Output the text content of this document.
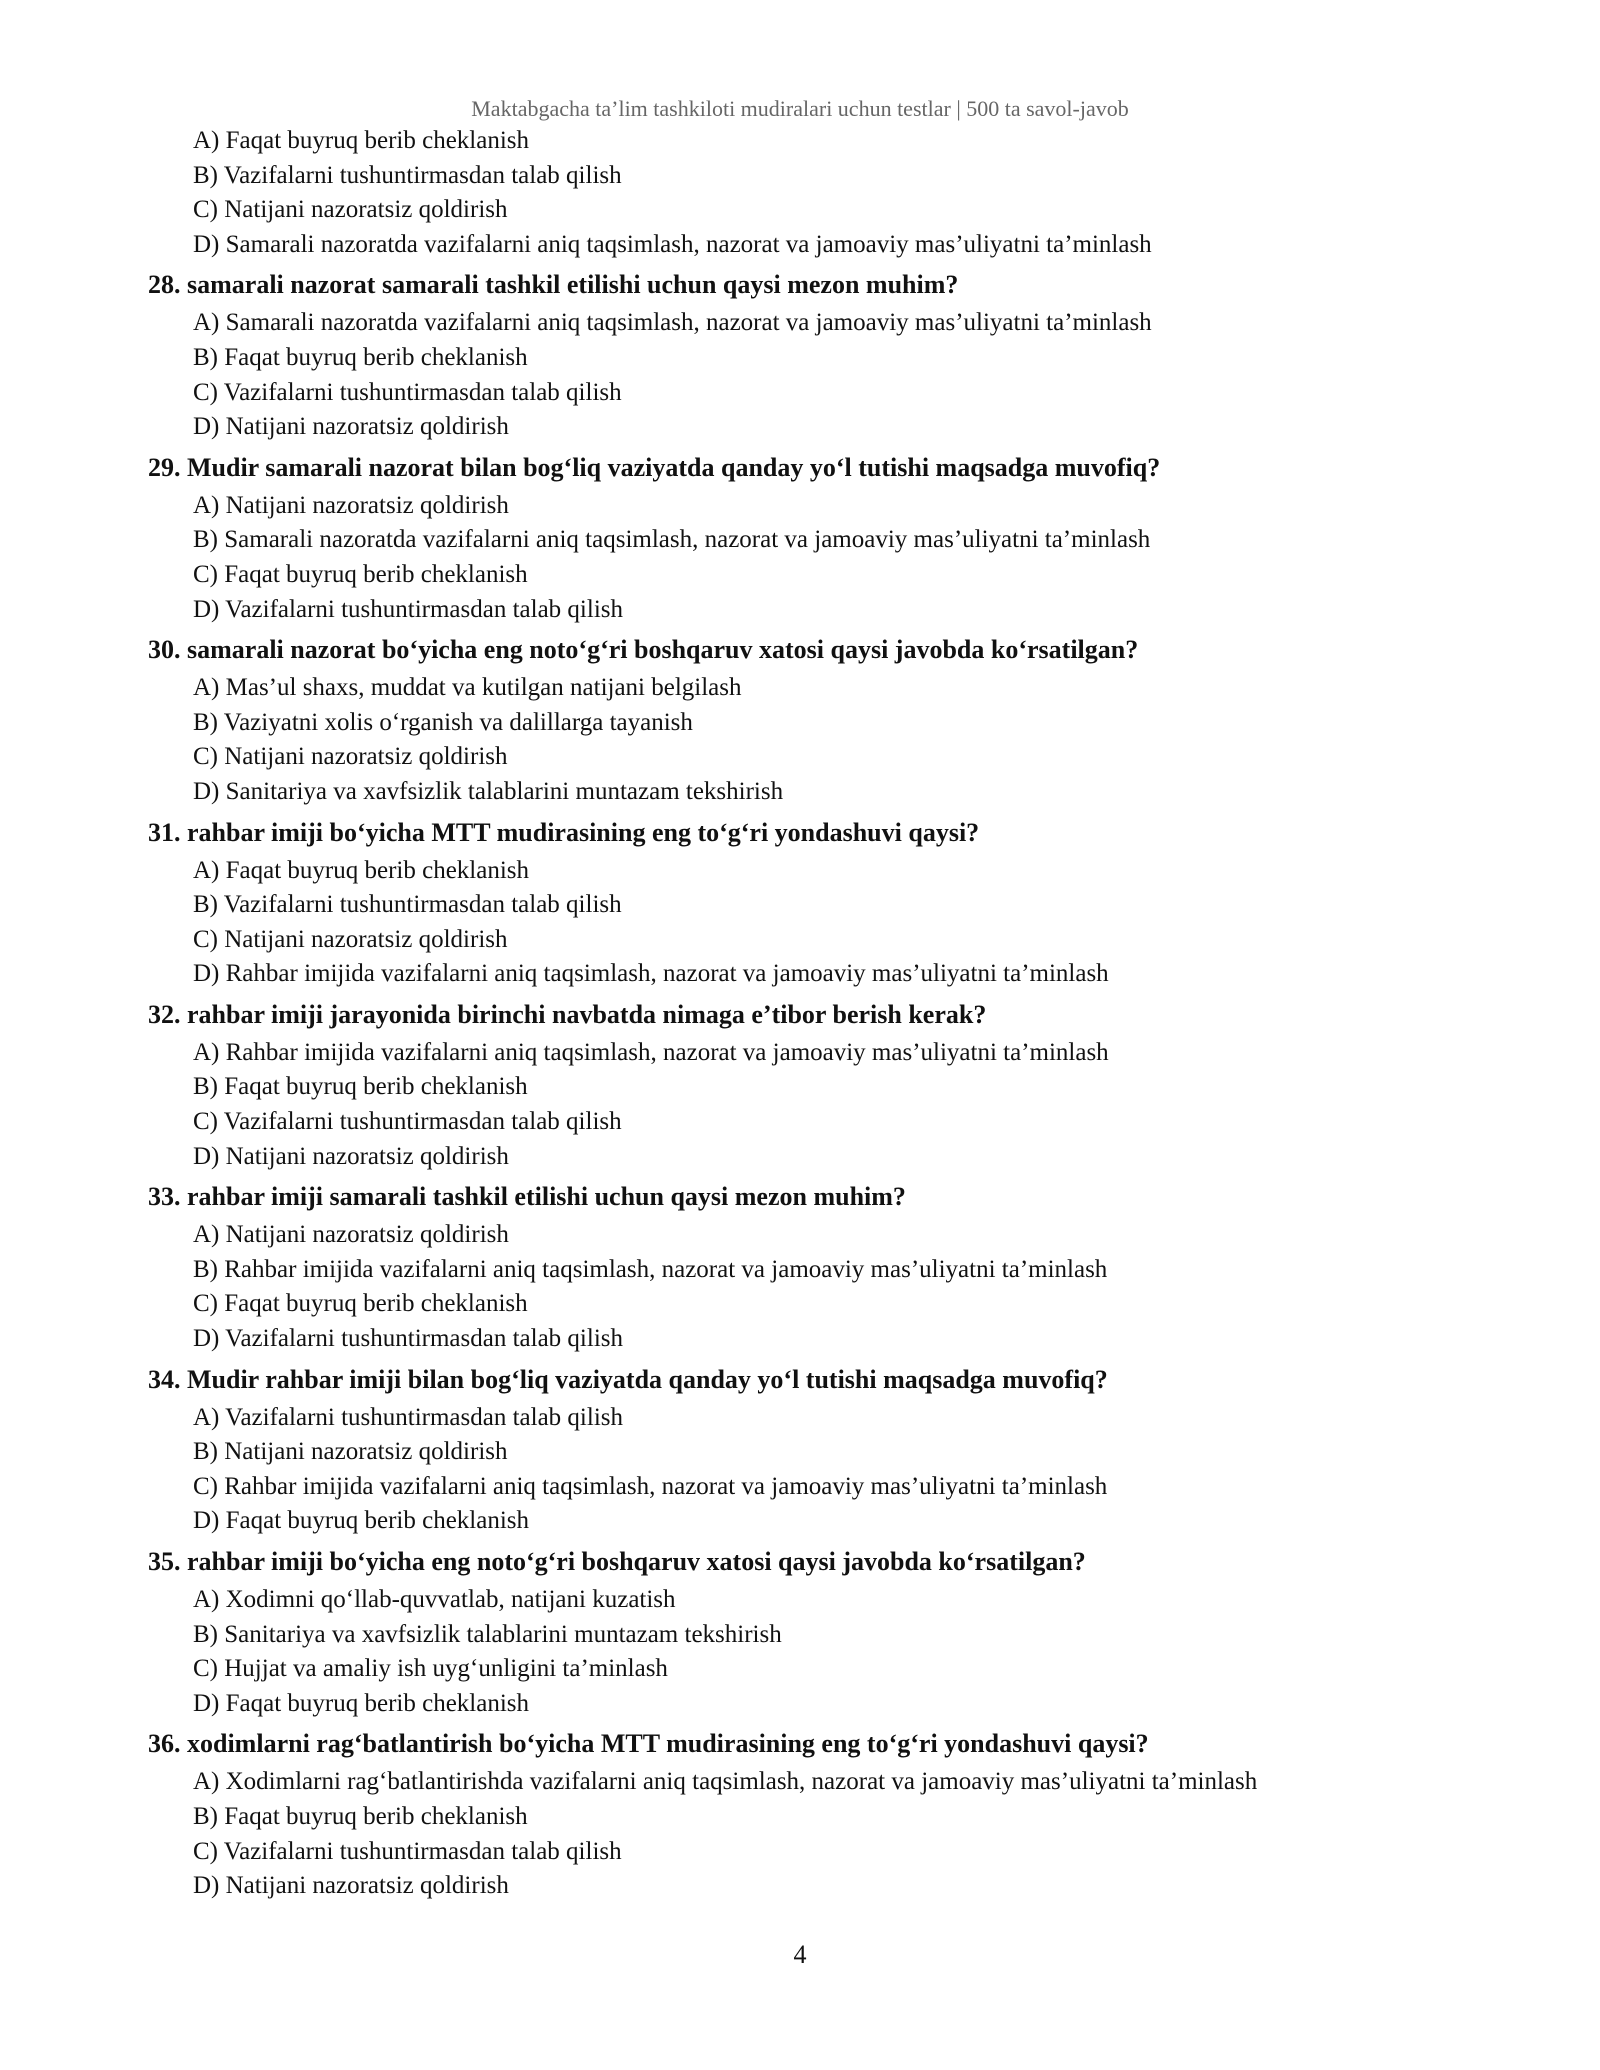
Maktabgacha ta’lim tashkiloti mudiralari uchun testlar | 500 ta savol-javob
A) Faqat buyruq berib cheklanish
B) Vazifalarni tushuntirmasdan talab qilish
C) Natijani nazoratsiz qoldirish
D) Samarali nazoratda vazifalarni aniq taqsimlash, nazorat va jamoaviy mas’uliyatni ta’minlash
28. samarali nazorat samarali tashkil etilishi uchun qaysi mezon muhim?
A) Samarali nazoratda vazifalarni aniq taqsimlash, nazorat va jamoaviy mas’uliyatni ta’minlash
B) Faqat buyruq berib cheklanish
C) Vazifalarni tushuntirmasdan talab qilish
D) Natijani nazoratsiz qoldirish
29. Mudir samarali nazorat bilan bog‘liq vaziyatda qanday yo‘l tutishi maqsadga muvofiq?
A) Natijani nazoratsiz qoldirish
B) Samarali nazoratda vazifalarni aniq taqsimlash, nazorat va jamoaviy mas’uliyatni ta’minlash
C) Faqat buyruq berib cheklanish
D) Vazifalarni tushuntirmasdan talab qilish
30. samarali nazorat bo‘yicha eng noto‘g‘ri boshqaruv xatosi qaysi javobda ko‘rsatilgan?
A) Mas’ul shaxs, muddat va kutilgan natijani belgilash
B) Vaziyatni xolis o‘rganish va dalillarga tayanish
C) Natijani nazoratsiz qoldirish
D) Sanitariya va xavfsizlik talablarini muntazam tekshirish
31. rahbar imiji bo‘yicha MTT mudirasining eng to‘g‘ri yondashuvi qaysi?
A) Faqat buyruq berib cheklanish
B) Vazifalarni tushuntirmasdan talab qilish
C) Natijani nazoratsiz qoldirish
D) Rahbar imijida vazifalarni aniq taqsimlash, nazorat va jamoaviy mas’uliyatni ta’minlash
32. rahbar imiji jarayonida birinchi navbatda nimaga e’tibor berish kerak?
A) Rahbar imijida vazifalarni aniq taqsimlash, nazorat va jamoaviy mas’uliyatni ta’minlash
B) Faqat buyruq berib cheklanish
C) Vazifalarni tushuntirmasdan talab qilish
D) Natijani nazoratsiz qoldirish
33. rahbar imiji samarali tashkil etilishi uchun qaysi mezon muhim?
A) Natijani nazoratsiz qoldirish
B) Rahbar imijida vazifalarni aniq taqsimlash, nazorat va jamoaviy mas’uliyatni ta’minlash
C) Faqat buyruq berib cheklanish
D) Vazifalarni tushuntirmasdan talab qilish
34. Mudir rahbar imiji bilan bog‘liq vaziyatda qanday yo‘l tutishi maqsadga muvofiq?
A) Vazifalarni tushuntirmasdan talab qilish
B) Natijani nazoratsiz qoldirish
C) Rahbar imijida vazifalarni aniq taqsimlash, nazorat va jamoaviy mas’uliyatni ta’minlash
D) Faqat buyruq berib cheklanish
35. rahbar imiji bo‘yicha eng noto‘g‘ri boshqaruv xatosi qaysi javobda ko‘rsatilgan?
A) Xodimni qo‘llab-quvvatlab, natijani kuzatish
B) Sanitariya va xavfsizlik talablarini muntazam tekshirish
C) Hujjat va amaliy ish uyg‘unligini ta’minlash
D) Faqat buyruq berib cheklanish
36. xodimlarni rag‘batlantirish bo‘yicha MTT mudirasining eng to‘g‘ri yondashuvi qaysi?
A) Xodimlarni rag‘batlantirishda vazifalarni aniq taqsimlash, nazorat va jamoaviy mas’uliyatni ta’minlash
B) Faqat buyruq berib cheklanish
C) Vazifalarni tushuntirmasdan talab qilish
D) Natijani nazoratsiz qoldirish
4
